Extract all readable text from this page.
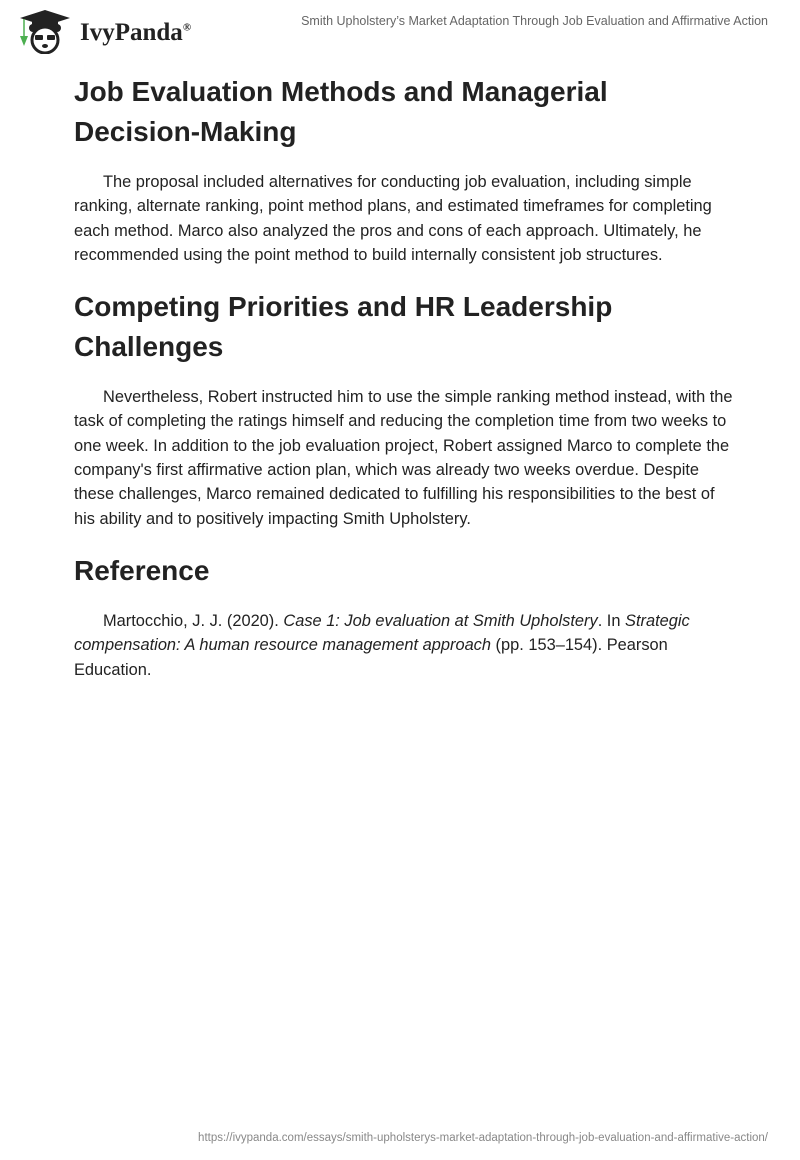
IvyPanda®	Smith Upholstery’s Market Adaptation Through Job Evaluation and Affirmative Action
Job Evaluation Methods and Managerial Decision-Making

The proposal included alternatives for conducting job evaluation, including simple ranking, alternate ranking, point method plans, and estimated timeframes for completing each method. Marco also analyzed the pros and cons of each approach. Ultimately, he recommended using the point method to build internally consistent job structures.

Competing Priorities and HR Leadership Challenges

Nevertheless, Robert instructed him to use the simple ranking method instead, with the task of completing the ratings himself and reducing the completion time from two weeks to one week. In addition to the job evaluation project, Robert assigned Marco to complete the company's first affirmative action plan, which was already two weeks overdue. Despite these challenges, Marco remained dedicated to fulfilling his responsibilities to the best of his ability and to positively impacting Smith Upholstery.

Reference

Martocchio, J. J. (2020). Case 1: Job evaluation at Smith Upholstery. In Strategic compensation: A human resource management approach (pp. 153–154). Pearson Education.

https://ivypanda.com/essays/smith-upholsterys-market-adaptation-through-job-evaluation-and-affirmative-action/
